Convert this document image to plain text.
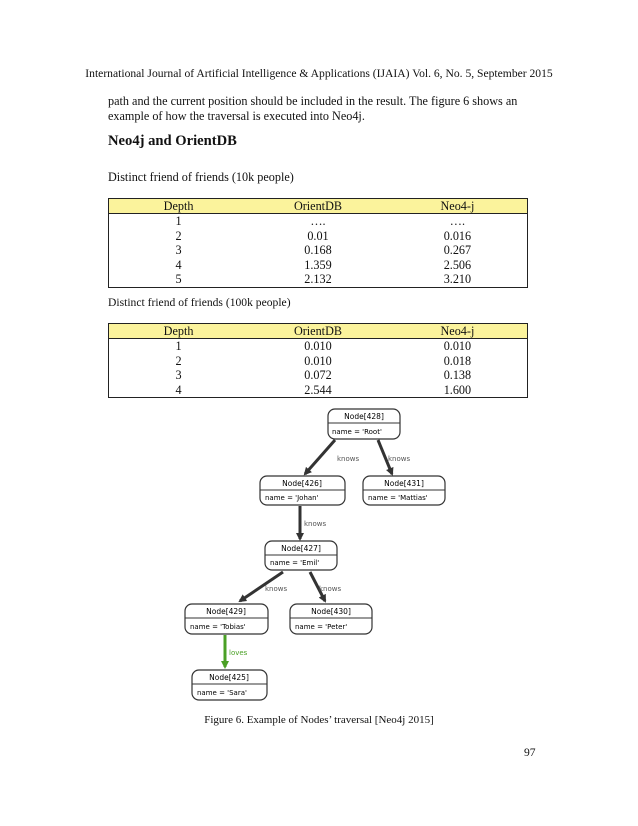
International Journal of Artificial Intelligence & Applications (IJAIA) Vol. 6, No. 5, September 2015
path and the current position should be included in the result. The figure 6 shows an example of how the traversal is executed into Neo4j.
Neo4j and OrientDB
Distinct friend of friends (10k people)
Depth	OrientDB	Neo4-j
1	….	….
2	0.01	0.016
3	0.168	0.267
4	1.359	2.506
5	2.132	3.210
Distinct friend of friends (100k people)
Depth	OrientDB	Neo4-j
1	0.010	0.010
2	0.010	0.018
3	0.072	0.138
4	2.544	1.600
knows	knows
knows
knows	knows
loves
Node[428]
name = 'Root'
Node[426]
name = 'Johan'
Node[431]
name = 'Mattias'
Node[427]
name = 'Emil'
Node[429]
name = 'Tobias'
Node[430]
name = 'Peter'
Node[425]
name = 'Sara'
Figure 6. Example of Nodes’ traversal [Neo4j 2015]
97
